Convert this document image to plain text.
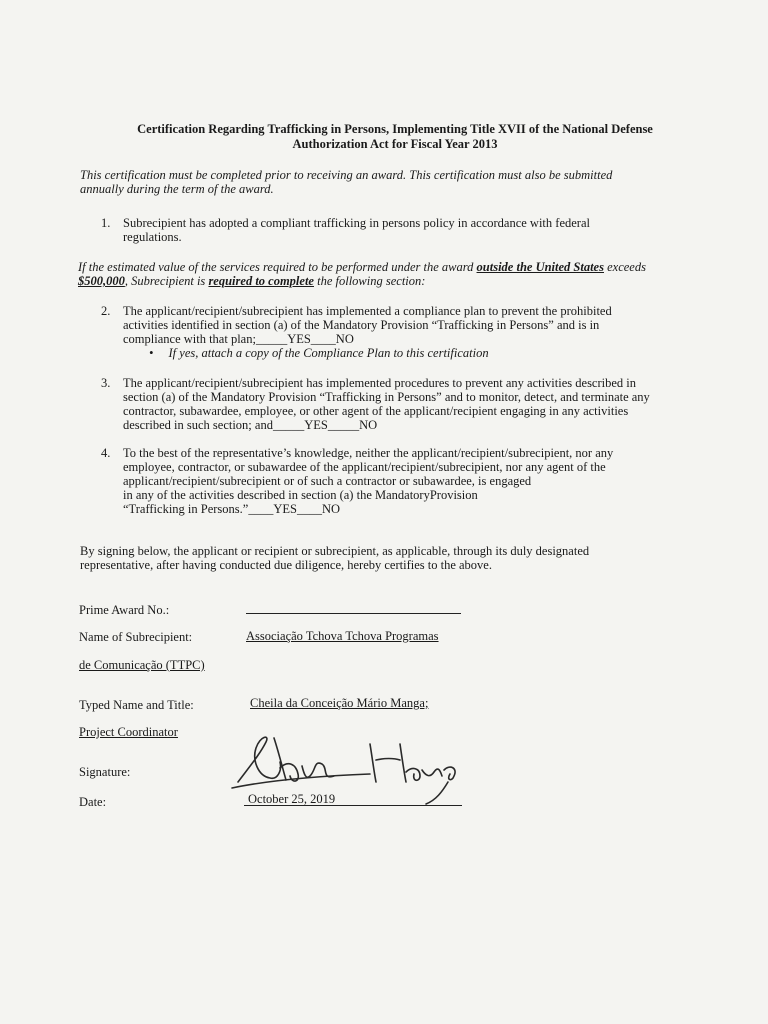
Certification Regarding Trafficking in Persons, Implementing Title XVII of the National Defense
Authorization Act for Fiscal Year 2013
This certification must be completed prior to receiving an award. This certification must also be submitted annually during the term of the award.
1. Subrecipient has adopted a compliant trafficking in persons policy in accordance with federal regulations.
If the estimated value of the services required to be performed under the award outside the United States exceeds $500,000, Subrecipient is required to complete the following section:
2. The applicant/recipient/subrecipient has implemented a compliance plan to prevent the prohibited activities identified in section (a) of the Mandatory Provision “Trafficking in Persons” and is in compliance with that plan;_____YES____NO
• If yes, attach a copy of the Compliance Plan to this certification
3. The applicant/recipient/subrecipient has implemented procedures to prevent any activities described in section (a) of the Mandatory Provision “Trafficking in Persons” and to monitor, detect, and terminate any contractor, subawardee, employee, or other agent of the applicant/recipient engaging in any activities described in such section; and_____YES_____NO
4. To the best of the representative’s knowledge, neither the applicant/recipient/subrecipient, nor any
employee, contractor, or subawardee of the applicant/recipient/subrecipient, nor any agent of the
applicant/recipient/subrecipient or of such a contractor or subawardee, is engaged
in any of the activities described in section (a) the MandatoryProvision
“Trafficking in Persons.”____YES____NO
By signing below, the applicant or recipient or subrecipient, as applicable, through its duly designated representative, after having conducted due diligence, hereby certifies to the above.
Prime Award No.:
Name of Subrecipient:	Associação Tchova Tchova Programas
de Comunicação (TTPC)
Typed Name and Title:	Cheila da Conceição Mário Manga;
Project Coordinator
Signature:
Date:	October 25, 2019
